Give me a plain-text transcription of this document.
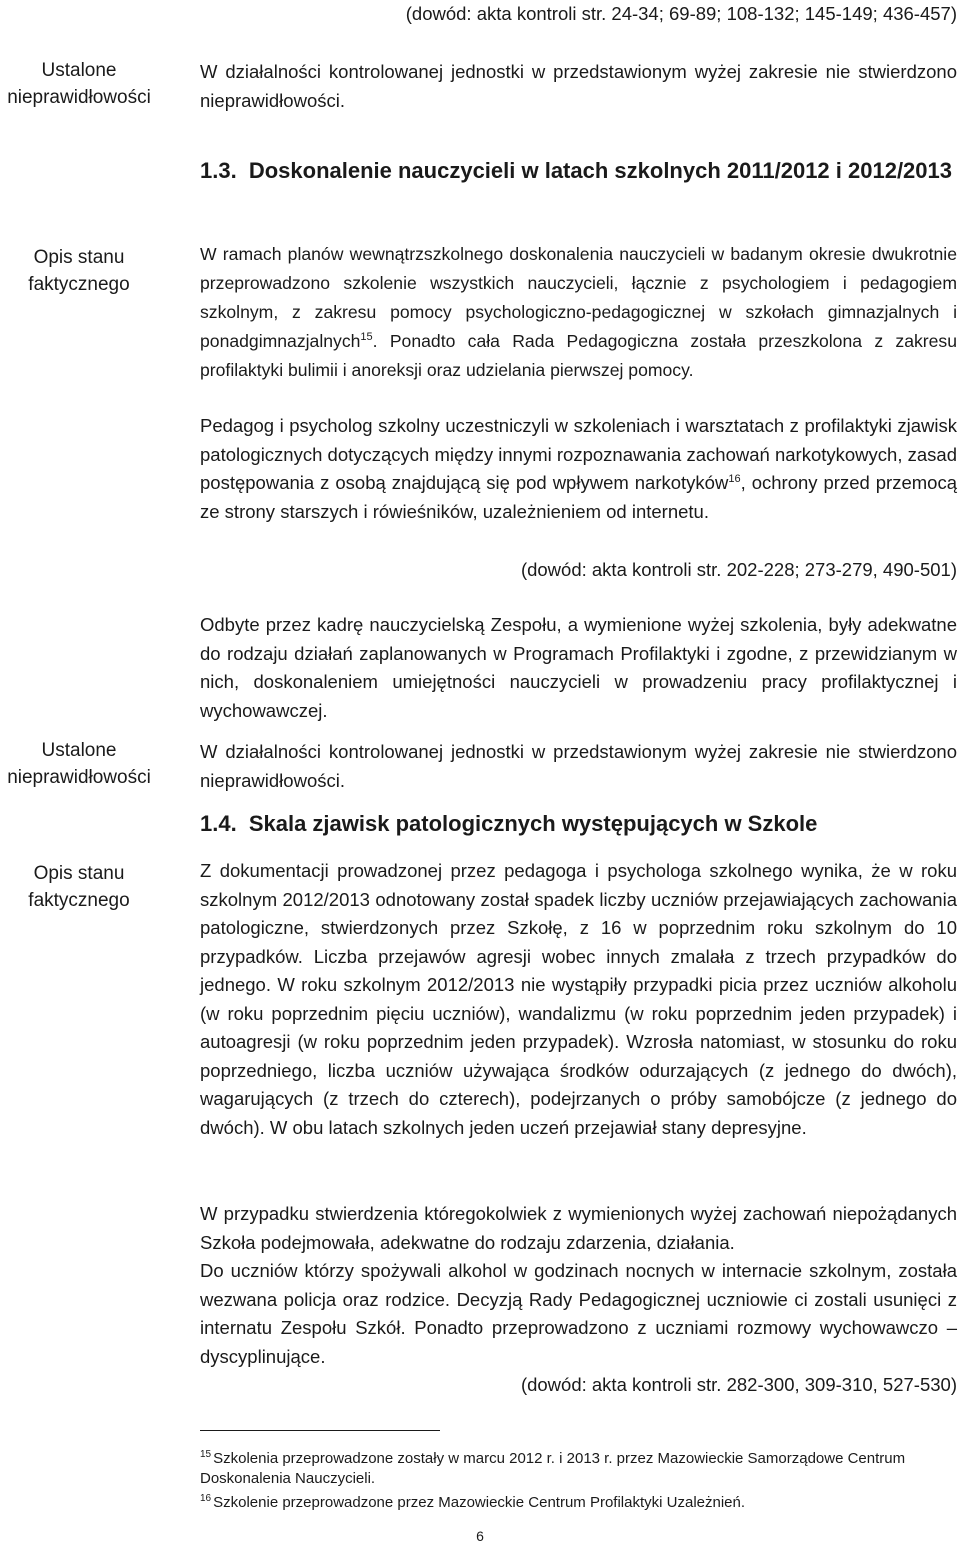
(dowód: akta kontroli str. 24-34; 69-89; 108-132; 145-149; 436-457)
Ustalone nieprawidłowości
Opis stanu faktycznego
Ustalone nieprawidłowości
Opis stanu faktycznego
W działalności kontrolowanej jednostki w przedstawionym wyżej zakresie nie stwierdzono nieprawidłowości.
1.3. Doskonalenie nauczycieli w latach szkolnych 2011/2012 i 2012/2013
W ramach planów wewnątrzszkolnego doskonalenia nauczycieli w badanym okresie dwukrotnie przeprowadzono szkolenie wszystkich nauczycieli, łącznie z psychologiem i pedagogiem szkolnym, z zakresu pomocy psychologiczno-pedagogicznej w szkołach gimnazjalnych i ponadgimnazjalnych$^{15}$. Ponadto cała Rada Pedagogiczna została przeszkolona z zakresu profilaktyki bulimii i anoreksji oraz udzielania pierwszej pomocy.
Pedagog i psycholog szkolny uczestniczyli w szkoleniach i warsztatach z profilaktyki zjawisk patologicznych dotyczących między innymi rozpoznawania zachowań narkotykowych, zasad postępowania z osobą znajdującą się pod wpływem narkotyków$^{16}$, ochrony przed przemocą ze strony starszych i rówieśników, uzależnieniem od internetu.
(dowód: akta kontroli str. 202-228; 273-279, 490-501)
Odbyte przez kadrę nauczycielską Zespołu, a wymienione wyżej szkolenia, były adekwatne do rodzaju działań zaplanowanych w Programach Profilaktyki i zgodne, z przewidzianym w nich, doskonaleniem umiejętności nauczycieli w prowadzeniu pracy profilaktycznej i wychowawczej.
W działalności kontrolowanej jednostki w przedstawionym wyżej zakresie nie stwierdzono nieprawidłowości.
1.4. Skala zjawisk patologicznych występujących w Szkole
Z dokumentacji prowadzonej przez pedagoga i psychologa szkolnego wynika, że w roku szkolnym 2012/2013 odnotowany został spadek liczby uczniów przejawiających zachowania patologiczne, stwierdzonych przez Szkołę, z 16 w poprzednim roku szkolnym do 10 przypadków. Liczba przejawów agresji wobec innych zmalała z trzech przypadków do jednego. W roku szkolnym 2012/2013 nie wystąpiły przypadki picia przez uczniów alkoholu (w roku poprzednim pięciu uczniów), wandalizmu (w roku poprzednim jeden przypadek) i autoagresji (w roku poprzednim jeden przypadek). Wzrosła natomiast, w stosunku do roku poprzedniego, liczba uczniów używająca środków odurzających (z jednego do dwóch), wagarujących (z trzech do czterech), podejrzanych o próby samobójcze (z jednego do dwóch). W obu latach szkolnych jeden uczeń przejawiał stany depresyjne.
W przypadku stwierdzenia któregokolwiek z wymienionych wyżej zachowań niepożądanych Szkoła podejmowała, adekwatne do rodzaju zdarzenia, działania.
Do uczniów którzy spożywali alkohol w godzinach nocnych w internacie szkolnym, została wezwana policja oraz rodzice. Decyzją Rady Pedagogicznej uczniowie ci zostali usunięci z internatu Zespołu Szkół. Ponadto przeprowadzono z uczniami rozmowy wychowawczo – dyscyplinujące.
(dowód: akta kontroli str. 282-300, 309-310, 527-530)
$^{15}$ Szkolenia przeprowadzone zostały w marcu 2012 r. i 2013 r. przez Mazowieckie Samorządowe Centrum Doskonalenia Nauczycieli.
$^{16}$ Szkolenie przeprowadzone przez Mazowieckie Centrum Profilaktyki Uzależnień.
6
